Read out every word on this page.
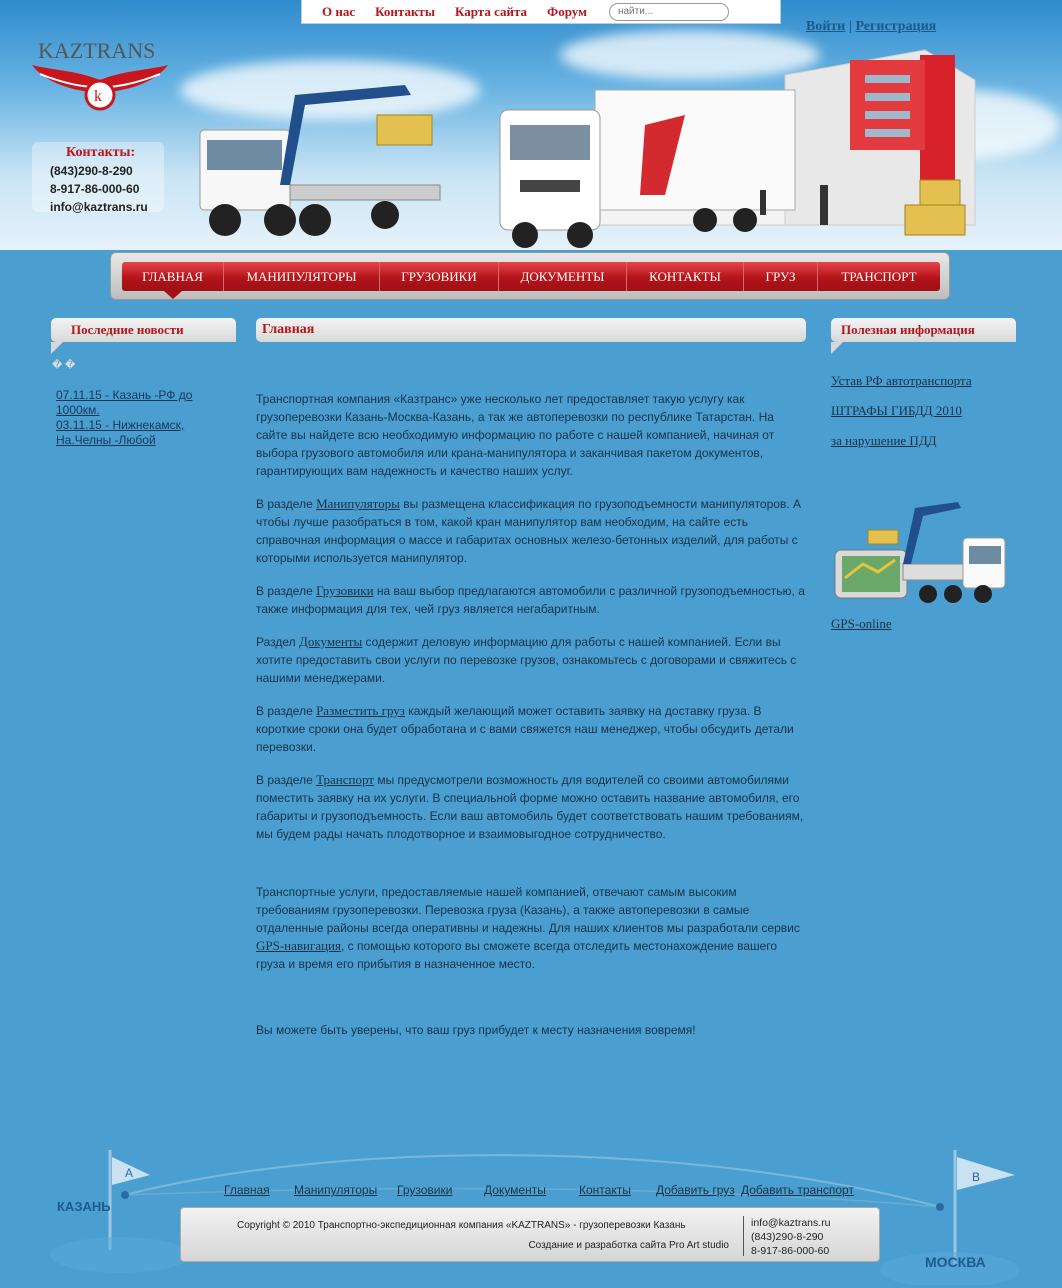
О нас Контакты Карта сайта Форум
найти...
Войти | Регистрация
KAZTRANS
k
Контакты:
(843)290-8-290
8-917-86-000-60
info@kaztrans.ru
ГЛАВНАЯ	МАНИПУЛЯТОРЫ	ГРУЗОВИКИ	ДОКУМЕНТЫ	КОНТАКТЫ	ГРУЗ	ТРАНСПОРТ
Последние новости
� �
07.11.15 - Казань -РФ до 1000км.
03.11.15 - Нижнекамск, На.Челны -Любой
Главная

Транспортная компания «Казтранс» уже несколько лет предоставляет такую услугу как грузоперевозки Казань-Москва-Казань, а так же автоперевозки по республике Татарстан. На сайте вы найдете всю необходимую информацию по работе с нашей компанией, начиная от выбора грузового автомобиля или крана-манипулятора и заканчивая пакетом документов, гарантирующих вам надежность и качество наших услуг.

В разделе Манипуляторы вы размещена классификация по грузоподъемности манипуляторов. А чтобы лучше разобраться в том, какой кран манипулятор вам необходим, на сайте есть справочная информация о массе и габаритах основных железо-бетонных изделий, для работы с которыми используется манипулятор.

В разделе Грузовики на ваш выбор предлагаются автомобили с различной грузоподъемностью, а также информация для тех, чей груз является негабаритным.

Раздел Документы содержит деловую информацию для работы с нашей компанией. Если вы хотите предоставить свои услуги по перевозке грузов, ознакомьтесь с договорами и свяжитесь с нашими менеджерами.

В разделе Разместить груз каждый желающий может оставить заявку на доставку груза. В короткие сроки она будет обработана и с вами свяжется наш менеджер, чтобы обсудить детали перевозки.

В разделе Транспорт мы предусмотрели возможность для водителей со своими автомобилями поместить заявку на их услуги. В специальной форме можно оставить название автомобиля, его габариты и грузоподъемность. Если ваш автомобиль будет соответствовать нашим требованиям, мы будем рады начать плодотворное и взаимовыгодное сотрудничество.

Транспортные услуги, предоставляемые нашей компанией, отвечают самым высоким требованиям грузоперевозки. Перевозка груза (Казань), а также автоперевозки в самые отдаленные районы всегда оперативны и надежны. Для наших клиентов мы разработали сервис GPS-навигация, с помощью которого вы сможете всегда отследить местонахождение вашего груза и время его прибытия в назначенное место.

Вы можете быть уверены, что ваш груз прибудет к месту назначения вовремя!

Полезная информация
Устав РФ автотранспорта
ШТРАФЫ ГИБДД 2010
за нарушение ПДД
GPS-online
A	B
КАЗАНЬ
МОСКВА
Главная Манипуляторы Грузовики	Документы	Контакты Добавить груз Добавить транспорт
Copyright © 2010 Транспортно-экспедиционная компания «KAZTRANS» - грузоперевозки Казань
Создание и разработка сайта Pro Art studio
info@kaztrans.ru
(843)290-8-290
8-917-86-000-60
